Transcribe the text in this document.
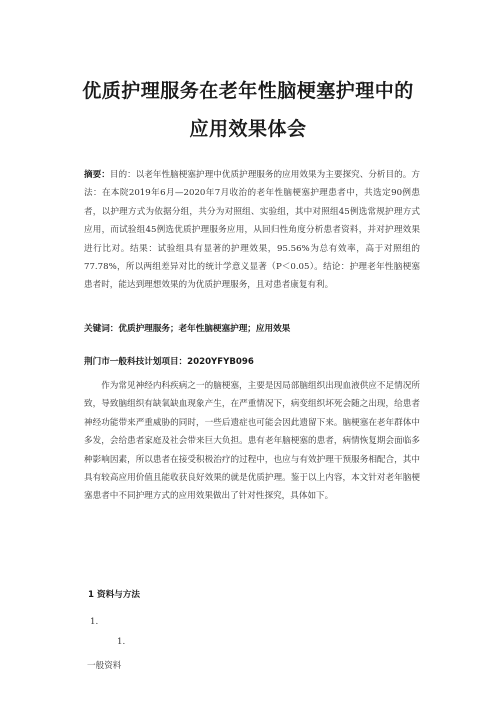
优质护理服务在老年性脑梗塞护理中的
应用效果体会

摘要：目的：以老年性脑梗塞护理中优质护理服务的应用效果为主要探究、分析目的。方法：在本院2019年6月—2020年7月收治的老年性脑梗塞护理患者中，共选定90例患者，以护理方式为依据分组，共分为对照组、实验组，其中对照组45例选常规护理方式应用，而试验组45例选优质护理服务应用，从回归性角度分析患者资料，并对护理效果进行比对。结果：试验组具有显著的护理效果，95.56%为总有效率，高于对照组的77.78%，所以两组差异对比的统计学意义显著（P＜0.05）。结论：护理老年性脑梗塞患者时，能达到理想效果的为优质护理服务，且对患者康复有利。

关键词：优质护理服务；老年性脑梗塞护理；应用效果

荆门市一般科技计划项目：2020YFYB096

作为常见神经内科疾病之一的脑梗塞，主要是因局部脑组织出现血液供应不足情况所致，导致脑组织有缺氧缺血现象产生，在严重情况下，病变组织坏死会随之出现，给患者神经功能带来严重威胁的同时，一些后遗症也可能会因此遗留下来。脑梗塞在老年群体中多发，会给患者家庭及社会带来巨大负担。患有老年脑梗塞的患者，病情恢复期会面临多种影响因素，所以患者在接受积极治疗的过程中，也应与有效护理干预服务相配合，其中具有较高应用价值且能收获良好效果的就是优质护理。鉴于以上内容，本文针对老年脑梗塞患者中不同护理方式的应用效果做出了针对性探究，具体如下。

1 资料与方法

1.

1.

一般资料
